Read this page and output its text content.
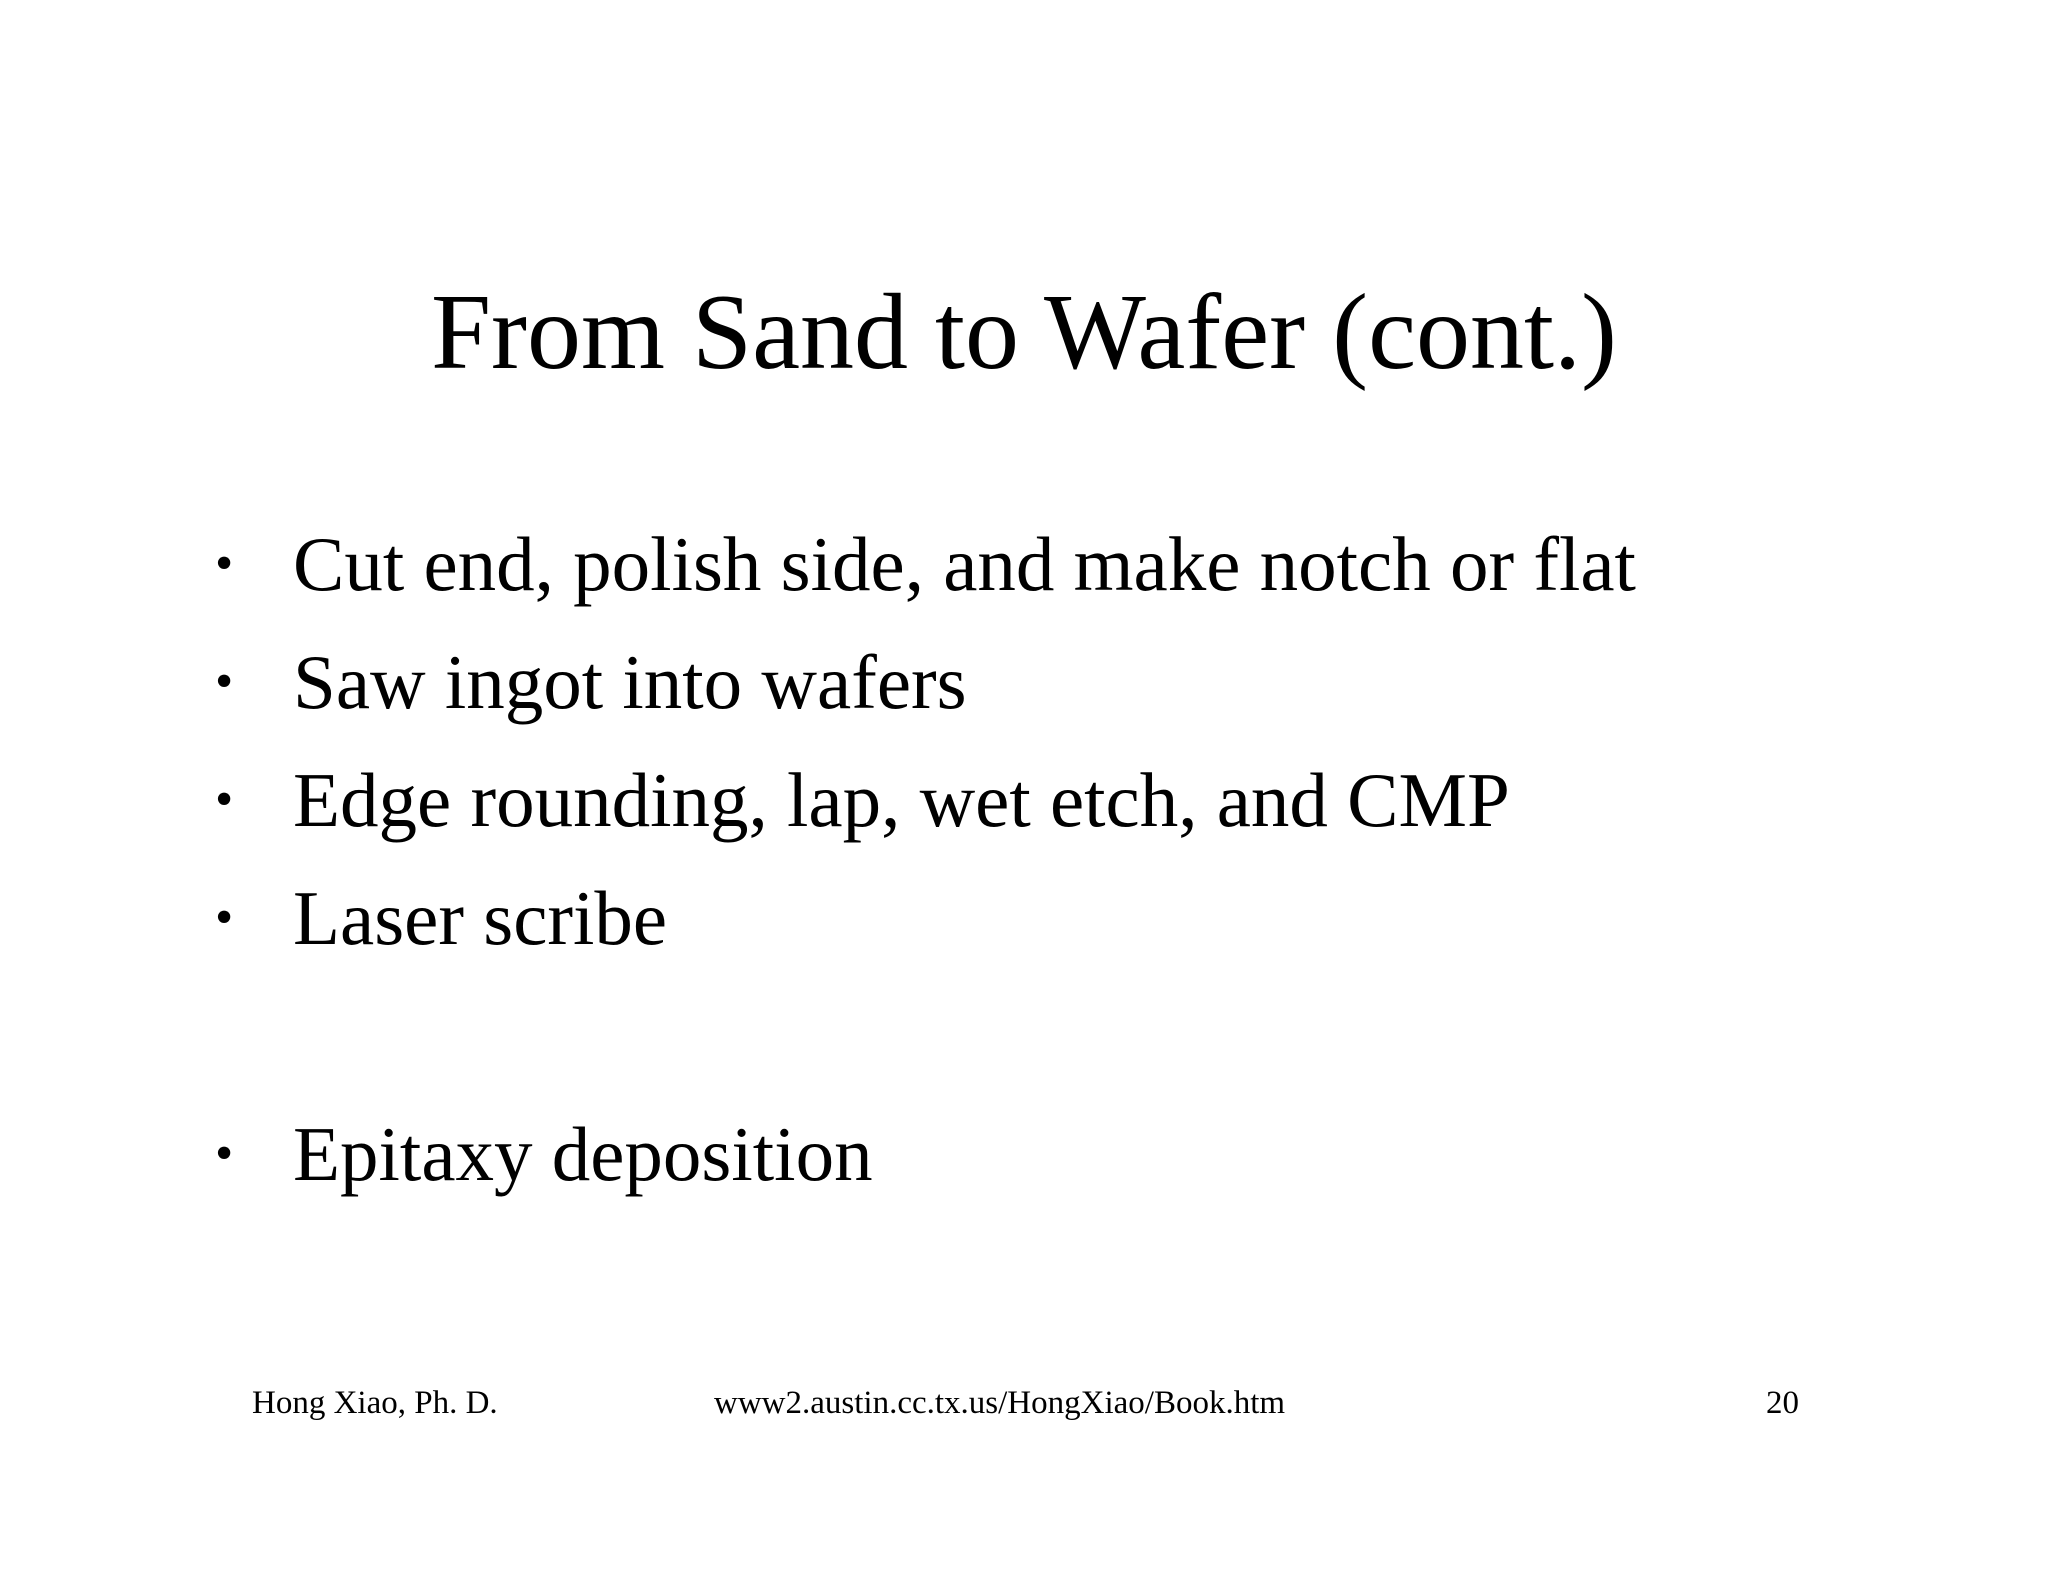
From Sand to Wafer (cont.)
• Cut end, polish side, and make notch or flat
• Saw ingot into wafers
• Edge rounding, lap, wet etch, and CMP
• Laser scribe
• Epitaxy deposition
Hong Xiao, Ph. D.	www2.austin.cc.tx.us/HongXiao/Book.htm	20
